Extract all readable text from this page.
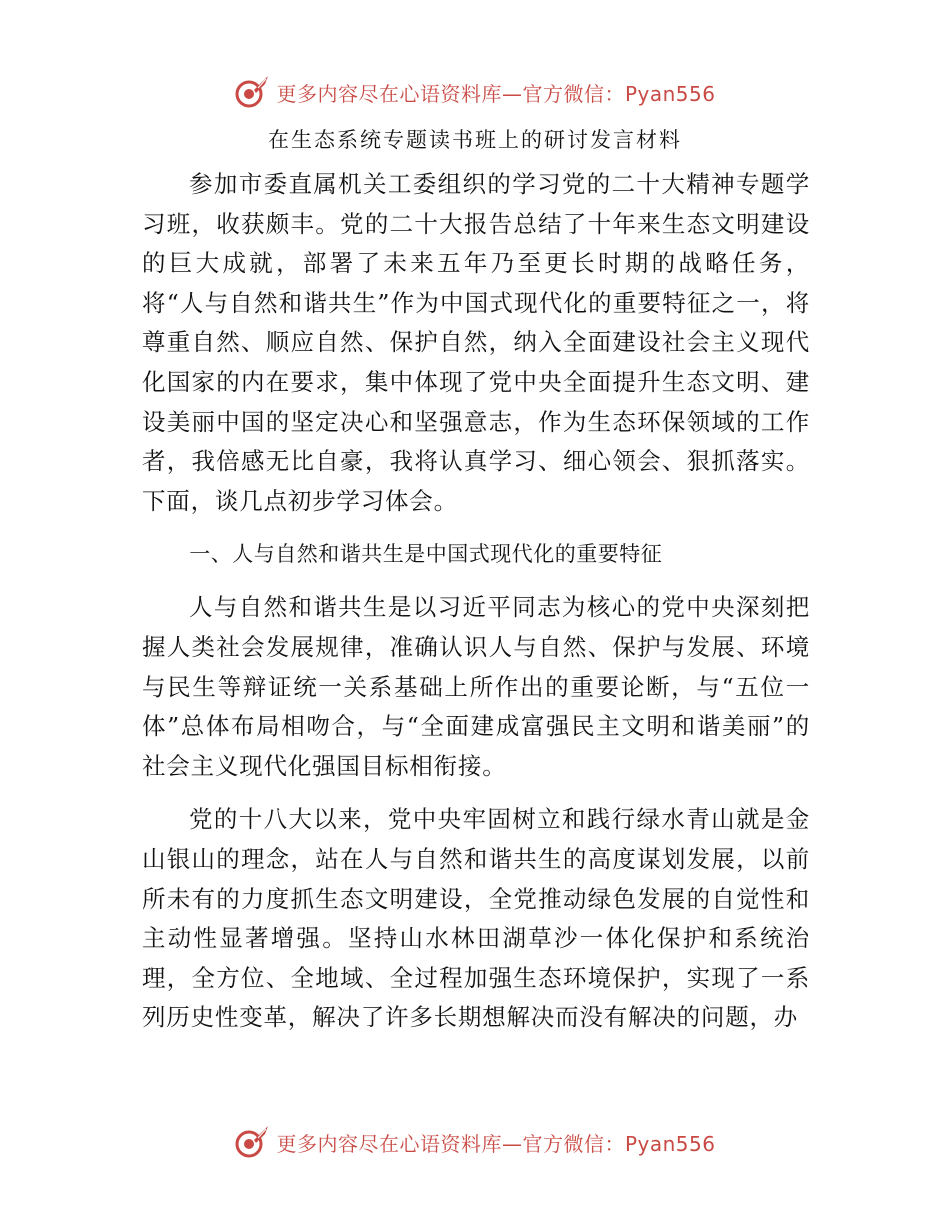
更多内容尽在心语资料库—官方微信：Pyan556
在生态系统专题读书班上的研讨发言材料

参加市委直属机关工委组织的学习党的二十大精神专题学习班，收获颇丰。党的二十大报告总结了十年来生态文明建设的巨大成就，部署了未来五年乃至更长时期的战略任务，将“人与自然和谐共生”作为中国式现代化的重要特征之一，将尊重自然、顺应自然、保护自然，纳入全面建设社会主义现代化国家的内在要求，集中体现了党中央全面提升生态文明、建设美丽中国的坚定决心和坚强意志，作为生态环保领域的工作者，我倍感无比自豪，我将认真学习、细心领会、狠抓落实。下面，谈几点初步学习体会。

一、人与自然和谐共生是中国式现代化的重要特征

人与自然和谐共生是以习近平同志为核心的党中央深刻把握人类社会发展规律，准确认识人与自然、保护与发展、环境与民生等辩证统一关系基础上所作出的重要论断，与“五位一体”总体布局相吻合，与“全面建成富强民主文明和谐美丽”的社会主义现代化强国目标相衔接。

党的十八大以来，党中央牢固树立和践行绿水青山就是金山银山的理念，站在人与自然和谐共生的高度谋划发展，以前所未有的力度抓生态文明建设，全党推动绿色发展的自觉性和主动性显著增强。坚持山水林田湖草沙一体化保护和系统治理，全方位、全地域、全过程加强生态环境保护，实现了一系列历史性变革，解决了许多长期想解决而没有解决的问题，办

更多内容尽在心语资料库—官方微信：Pyan556
